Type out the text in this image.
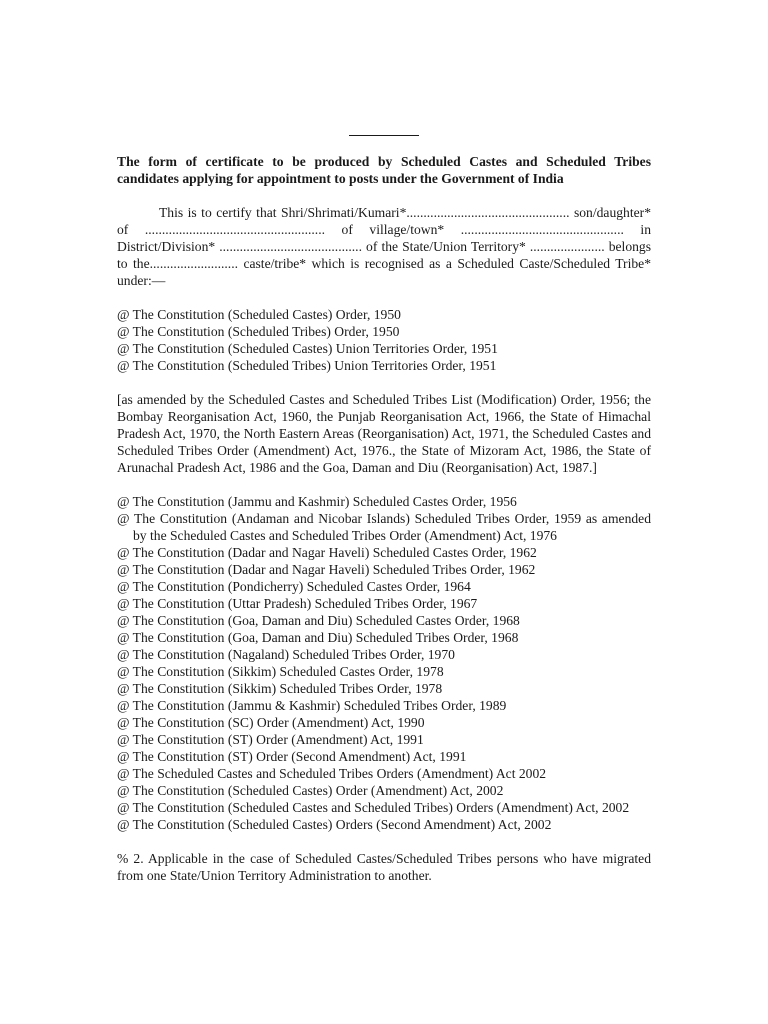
The form of certificate to be produced by Scheduled Castes and Scheduled Tribes candidates applying for appointment to posts under the Government of India

This is to certify that Shri/Shrimati/Kumari*................................................ son/daughter* of ..................................................... of village/town* ................................................ in District/Division* .......................................... of the State/Union Territory* ...................... belongs to the.......................... caste/tribe* which is recognised as a Scheduled Caste/Scheduled Tribe* under:—

@ The Constitution (Scheduled Castes) Order, 1950
@ The Constitution (Scheduled Tribes) Order, 1950
@ The Constitution (Scheduled Castes) Union Territories Order, 1951
@ The Constitution (Scheduled Tribes) Union Territories Order, 1951

[as amended by the Scheduled Castes and Scheduled Tribes List (Modification) Order, 1956; the Bombay Reorganisation Act, 1960, the Punjab Reorganisation Act, 1966, the State of Himachal Pradesh Act, 1970, the North Eastern Areas (Reorganisation) Act, 1971, the Scheduled Castes and Scheduled Tribes Order (Amendment) Act, 1976., the State of Mizoram Act, 1986, the State of Arunachal Pradesh Act, 1986 and the Goa, Daman and Diu (Reorganisation) Act, 1987.]

@ The Constitution (Jammu and Kashmir) Scheduled Castes Order, 1956
@ The Constitution (Andaman and Nicobar Islands) Scheduled Tribes Order, 1959 as amended by the Scheduled Castes and Scheduled Tribes Order (Amendment) Act, 1976
@ The Constitution (Dadar and Nagar Haveli) Scheduled Castes Order, 1962
@ The Constitution (Dadar and Nagar Haveli) Scheduled Tribes Order, 1962
@ The Constitution (Pondicherry) Scheduled Castes Order, 1964
@ The Constitution (Uttar Pradesh) Scheduled Tribes Order, 1967
@ The Constitution (Goa, Daman and Diu) Scheduled Castes Order, 1968
@ The Constitution (Goa, Daman and Diu) Scheduled Tribes Order, 1968
@ The Constitution (Nagaland) Scheduled Tribes Order, 1970
@ The Constitution (Sikkim) Scheduled Castes Order, 1978
@ The Constitution (Sikkim) Scheduled Tribes Order, 1978
@ The Constitution (Jammu & Kashmir) Scheduled Tribes Order, 1989
@ The Constitution (SC) Order (Amendment) Act, 1990
@ The Constitution (ST) Order (Amendment) Act, 1991
@ The Constitution (ST) Order (Second Amendment) Act, 1991
@ The Scheduled Castes and Scheduled Tribes Orders (Amendment) Act 2002
@ The Constitution (Scheduled Castes) Order (Amendment) Act, 2002
@ The Constitution (Scheduled Castes and Scheduled Tribes) Orders (Amendment) Act, 2002
@ The Constitution (Scheduled Castes) Orders (Second Amendment) Act, 2002

% 2. Applicable in the case of Scheduled Castes/Scheduled Tribes persons who have migrated from one State/Union Territory Administration to another.
